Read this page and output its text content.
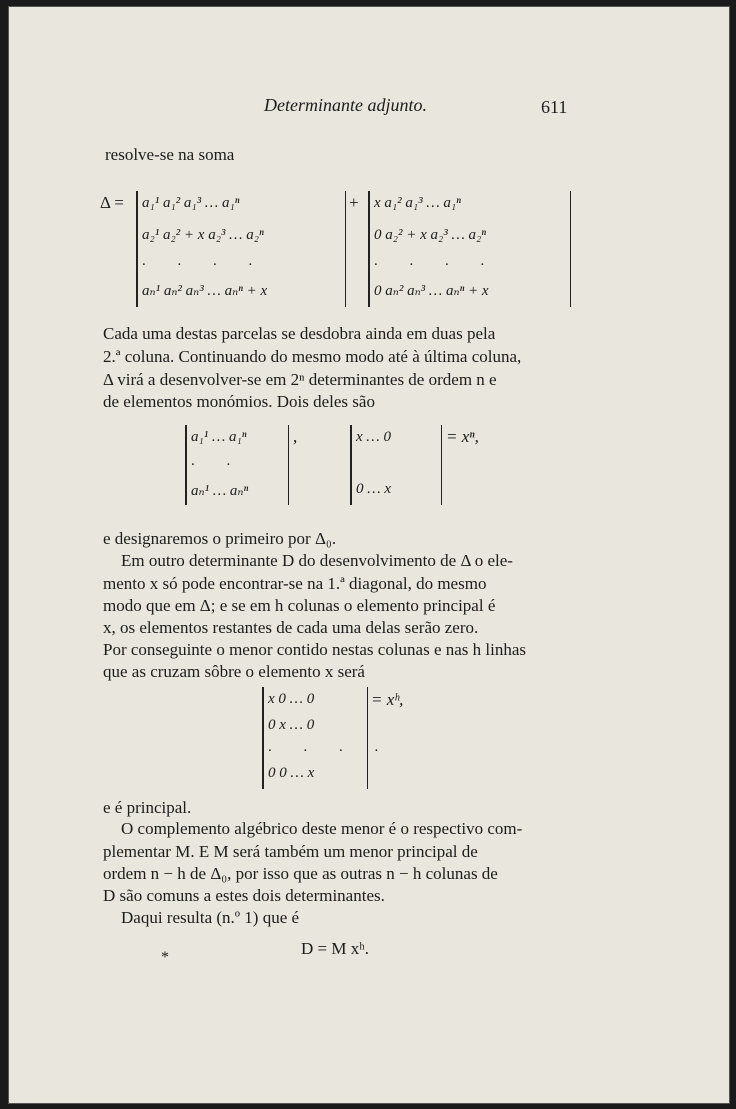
Determinante adjunto.	611
resolve-se na soma
Δ = a₁¹ a₁² a₁³ … a₁ⁿ
a₂¹ a₂² + x a₂³ … a₂ⁿ
. . . .
aₙ¹ aₙ² aₙ³ … aₙⁿ + x
+ x a₁² a₁³ … a₁ⁿ
0 a₂² + x a₂³ … a₂ⁿ
. . . .
0 aₙ² aₙ³ … aₙⁿ + x
Cada uma destas parcelas se desdobra ainda em duas pela
2.ª coluna. Continuando do mesmo modo até à última coluna,
Δ virá a desenvolver-se em 2ⁿ determinantes de ordem n e
de elementos monómios. Dois deles são
a₁¹ … a₁ⁿ
. .
aₙ¹ … aₙⁿ
,	x … 0
0 … x
= xⁿ,
e designaremos o primeiro por Δ₀.
Em outro determinante D do desenvolvimento de Δ o ele-
mento x só pode encontrar-se na 1.ª diagonal, do mesmo
modo que em Δ; e se em h colunas o elemento principal é
x, os elementos restantes de cada uma delas serão zero.
Por conseguinte o menor contido nestas colunas e nas h linhas
que as cruzam sôbre o elemento x será
x 0 … 0
0 x … 0
. . . .
0 0 … x
= xʰ,
e é principal.
O complemento algébrico deste menor é o respectivo com-
plementar M. E M será também um menor principal de
ordem n − h de Δ₀, por isso que as outras n − h colunas de
D são comuns a estes dois determinantes.
Daqui resulta (n.º 1) que é
D = M xʰ.
*
